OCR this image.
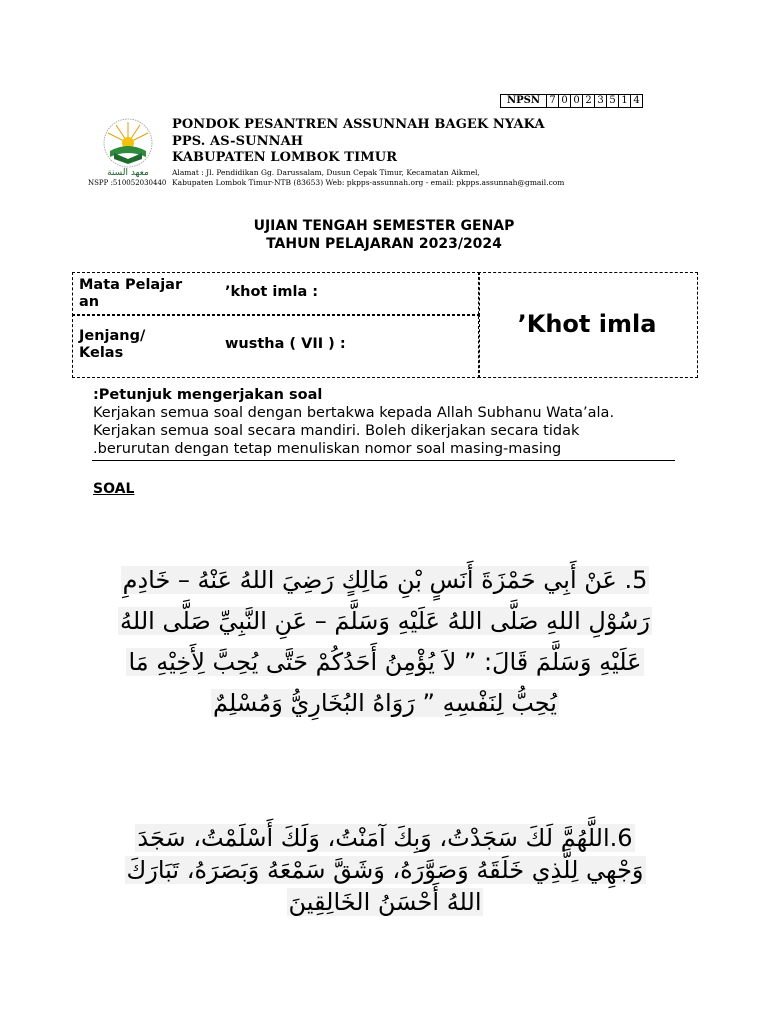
NPSN 7 0 0 2 3 5 1 4
معهد السنة
NSPP :510052030440
PONDOK PESANTREN ASSUNNAH BAGEK NYAKA
PPS. AS-SUNNAH
KABUPATEN LOMBOK TIMUR
Alamat : Jl. Pendidikan Gg. Darussalam, Dusun Cepak Timur, Kecamatan Aikmel,
Kabupaten Lombok Timur-NTB (83653) Web: pkpps-assunnah.org - email: pkpps.assunnah@gmail.com
UJIAN TENGAH SEMESTER GENAP
TAHUN PELAJARAN 2023/2024
Mata Pelajar
an
’khot imla :
Jenjang/
Kelas
wustha ( VII ) :
’Khot imla
:Petunjuk mengerjakan soal
Kerjakan semua soal dengan bertakwa kepada Allah Subhanu Wata’ala.
Kerjakan semua soal secara mandiri. Boleh dikerjakan secara tidak
.berurutan dengan tetap menuliskan nomor soal masing-masing
SOAL
5. عَنْ أَبِي حَمْزَةَ أَنَسٍ بْنِ مَالِكٍ رَضِيَ اللهُ عَنْهُ – خَادِمِ
رَسُوْلِ اللهِ صَلَّى اللهُ عَلَيْهِ وَسَلَّمَ – عَنِ النَّبِيِّ صَلَّى اللهُ
عَلَيْهِ وَسَلَّمَ قَالَ: ” لاَ يُؤْمِنُ أَحَدُكُمْ حَتَّى يُحِبَّ لِأَخِيْهِ مَا
يُحِبُّ لِنَفْسِهِ ” رَوَاهُ البُخَارِيُّ وَمُسْلِمٌ
6.اللَّهُمَّ لَكَ سَجَدْتُ، وَبِكَ آمَنْتُ، وَلَكَ أَسْلَمْتُ، سَجَدَ
وَجْهِي لِلَّذِي خَلَقَهُ وَصَوَّرَهُ، وَشَقَّ سَمْعَهُ وَبَصَرَهُ، تَبَارَكَ
اللهُ أَحْسَنُ الخَالِقِينَ
